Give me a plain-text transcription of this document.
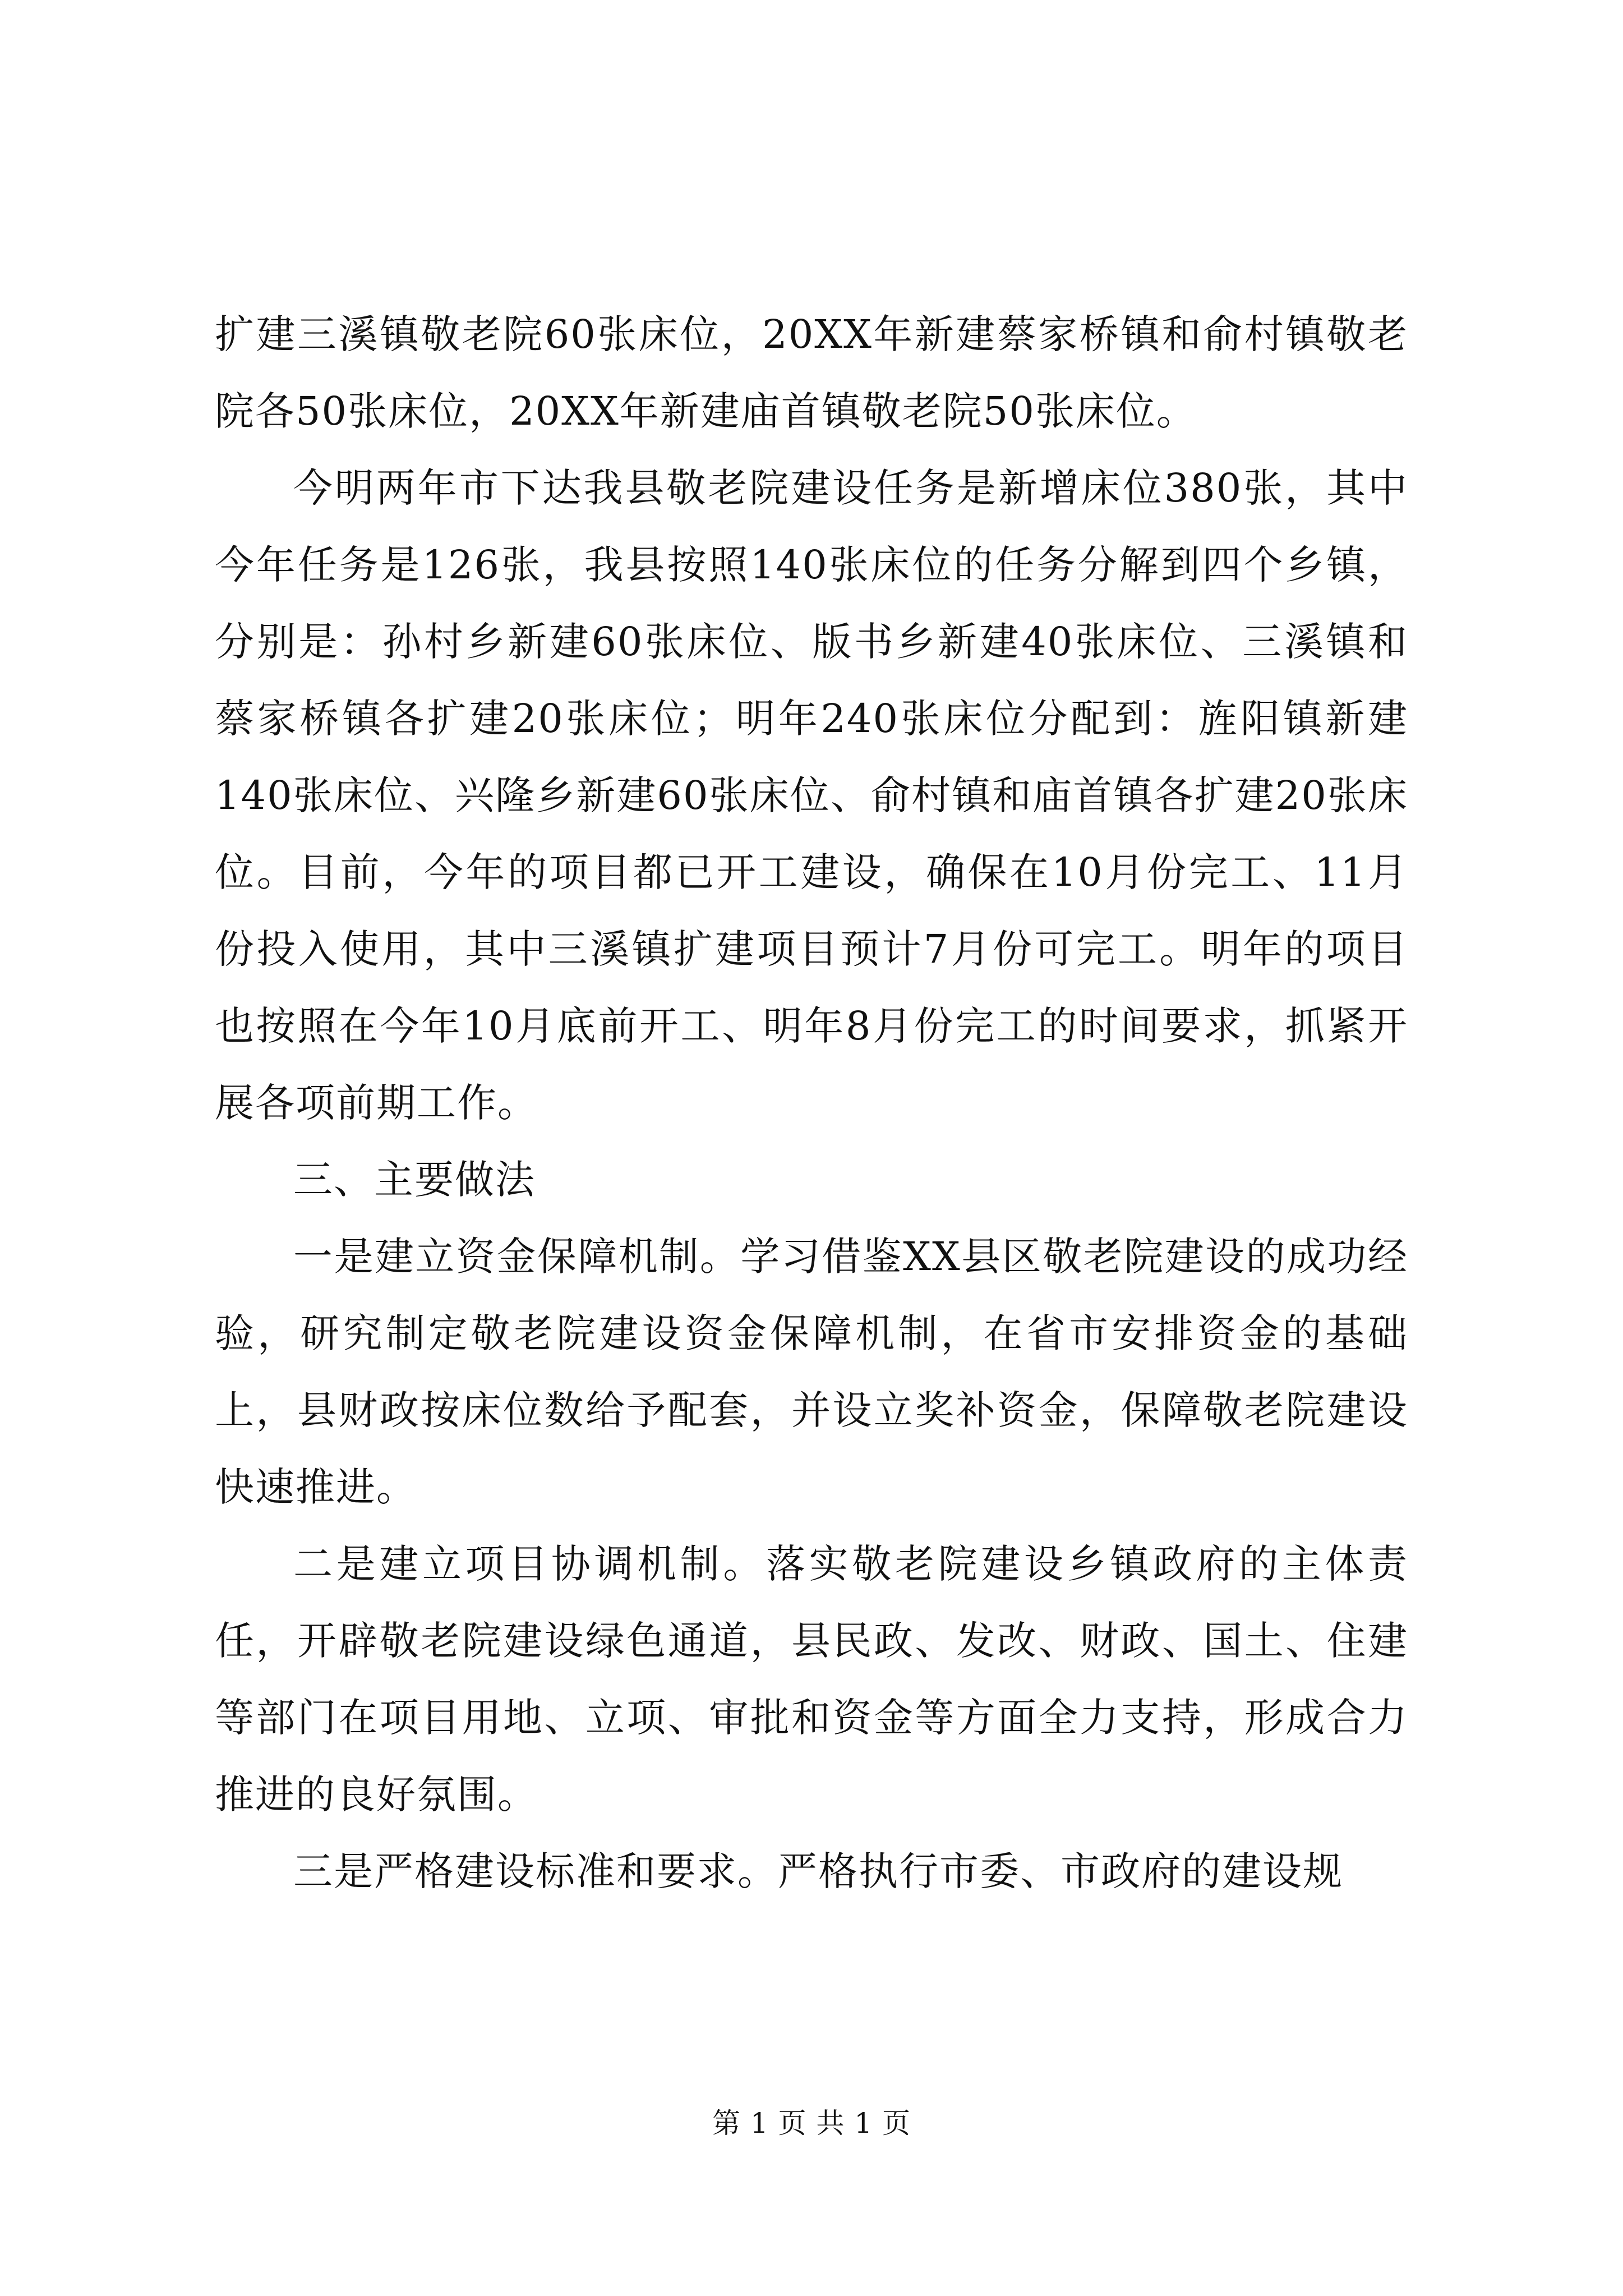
扩建三溪镇敬老院60张床位，20XX年新建蔡家桥镇和俞村镇敬老院各50张床位，20XX年新建庙首镇敬老院50张床位。

今明两年市下达我县敬老院建设任务是新增床位380张，其中今年任务是126张，我县按照140张床位的任务分解到四个乡镇，分别是：孙村乡新建60张床位、版书乡新建40张床位、三溪镇和蔡家桥镇各扩建20张床位；明年240张床位分配到：旌阳镇新建140张床位、兴隆乡新建60张床位、俞村镇和庙首镇各扩建20张床位。目前，今年的项目都已开工建设，确保在10月份完工、11月份投入使用，其中三溪镇扩建项目预计7月份可完工。明年的项目也按照在今年10月底前开工、明年8月份完工的时间要求，抓紧开展各项前期工作。

三、主要做法

一是建立资金保障机制。学习借鉴XX县区敬老院建设的成功经验，研究制定敬老院建设资金保障机制，在省市安排资金的基础上，县财政按床位数给予配套，并设立奖补资金，保障敬老院建设快速推进。

二是建立项目协调机制。落实敬老院建设乡镇政府的主体责任，开辟敬老院建设绿色通道，县民政、发改、财政、国土、住建等部门在项目用地、立项、审批和资金等方面全力支持，形成合力推进的良好氛围。

三是严格建设标准和要求。严格执行市委、市政府的建设规

第 1 页 共 1 页
